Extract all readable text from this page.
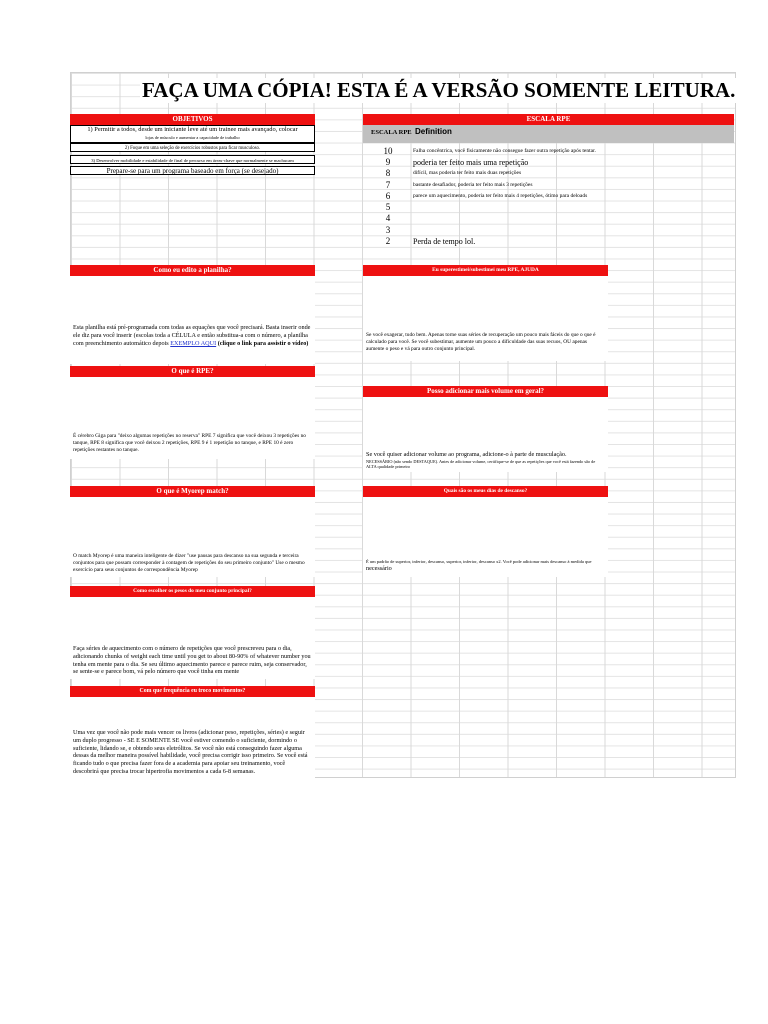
FAÇA UMA CÓPIA! ESTA É A VERSÃO SOMENTE LEITURA.
OBJETIVOS
1) Permitir a todos, desde um iniciante leve até um trainee mais avançado, colocar
lojas de músculo e aumentar a capacidade de trabalho
2) Foque em uma seleção de exercícios robustos para ficar musculoso.
3) Desenvolver mobilidade e estabilidade de final de percurso em áreas-chave que normalmente se machucam
Prepare-se para um programa baseado em força (se desejado)
ESCALA RPE
ESCALA RPE Definition
10	Falha concêntrica, você fisicamente não consegue fazer outra repetição após tentar.
9	poderia ter feito mais uma repetição
8	difícil, mas poderia ter feito mais duas repetições
7	bastante desafiador, poderia ter feito mais 3 repetições
6	parece um aquecimento, poderia ter feito mais 4 repetições, ótimo para deloads
5
4
3
2	Perda de tempo lol.
Como eu edito a planilha?
Esta planilha está pré-programada com todas as equações que você precisará. Basta inserir onde ele diz para você inserir (escolas toda a CÉLULA e então substitua-a com o número, a planilha com preenchimento automático depois EXEMPLO AQUI (clique o link para assistir o vídeo)
O que é RPE?
É cérebro Giga para "deixo algumas repetições no reserva" RPE 7 significa que você deixou 3 repetições no tanque, RPE 8 significa que você deixou 2 repetições, RPE 9 é 1 repetição no tanque, e RPE 10 é zero repetições restantes no tanque.
O que é Myorep match?
O match Myorep é uma maneira inteligente de dizer "use pausas para descanso na sua segunda e terceira conjuntos para que possam corresponder à contagem de repetições do seu primeiro conjunto" Use o mesmo exercício para seus conjuntos de correspondência Myorep
Como escolher os pesos do meu conjunto principal?
Faça séries de aquecimento com o número de repetições que você prescreveu para o dia, adicionando chunks of weight each time until you get to about 80-90% of whatever number you tenha em mente para o dia. Se seu último aquecimento parece e parece ruim, seja conservador, se sente-se e parece bom, vá pelo número que você tinha em mente
Com que frequência eu troco movimentos?
Uma vez que você não pode mais vencer os livros (adicionar peso, repetições, séries) e seguir um duplo progresso - SE E SOMENTE SE você estiver comendo o suficiente, dormindo o suficiente, lidando se, e obtendo seus eletrólitos. Se você não está conseguindo fazer alguma dessas da melhor maneira possível habilidade, você precisa corrigir isso primeiro. Se você está ficando tudo o que precisa fazer fora de a academia para apoiar seu treinamento, você descobrirá que precisa trocar hipertrofia movimentos a cada 6-8 semanas.
Eu superestimei/subestimei meu RPE, AJUDA
Se você exagerar, tudo bem. Apenas torne suas séries de recuperação um pouco mais fáceis do que o que é calculado para você. Se você subestimar, aumente um pouco a dificuldade das suas recuos, OU apenas aumente o peso e vá para outro conjunto principal.
Posso adicionar mais volume em geral?
Se você quiser adicionar volume ao programa, adicione-o à parte de musculação.
NECESSÁRIO (não sendo DESTAQUE). Antes de adicionar volume, certifique-se de que as repetições que você está fazendo são de ALTA qualidade primeiro
Quais são os meus dias de descanso?
É um padrão de superior, inferior, descanso, superior, inferior, descanso x2. Você pode adicionar mais descanso à medida que
necessário
